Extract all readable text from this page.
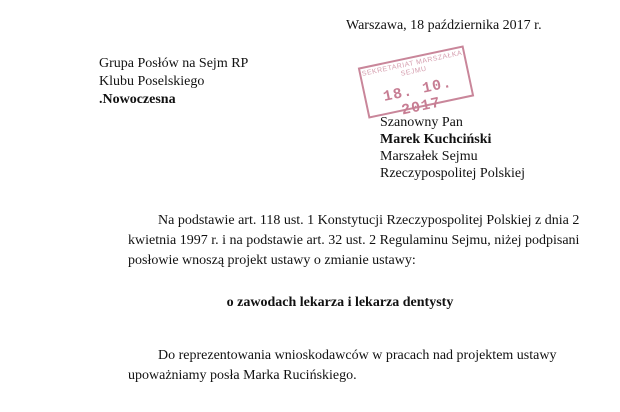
Warszawa, 18 października 2017 r.
Grupa Posłów na Sejm RP
Klubu Poselskiego
.Nowoczesna
SEKRETARIAT MARSZAŁKA SEJMU
18. 10. 2017
Szanowny Pan
Marek Kuchciński
Marszałek Sejmu
Rzeczypospolitej Polskiej
Na podstawie art. 118 ust. 1 Konstytucji Rzeczypospolitej Polskiej z dnia 2
kwietnia 1997 r. i na podstawie art. 32 ust. 2 Regulaminu Sejmu, niżej podpisani
posłowie wnoszą projekt ustawy o zmianie ustawy:
o zawodach lekarza i lekarza dentysty
Do reprezentowania wnioskodawców w pracach nad projektem ustawy
upoważniamy posła Marka Rucińskiego.
